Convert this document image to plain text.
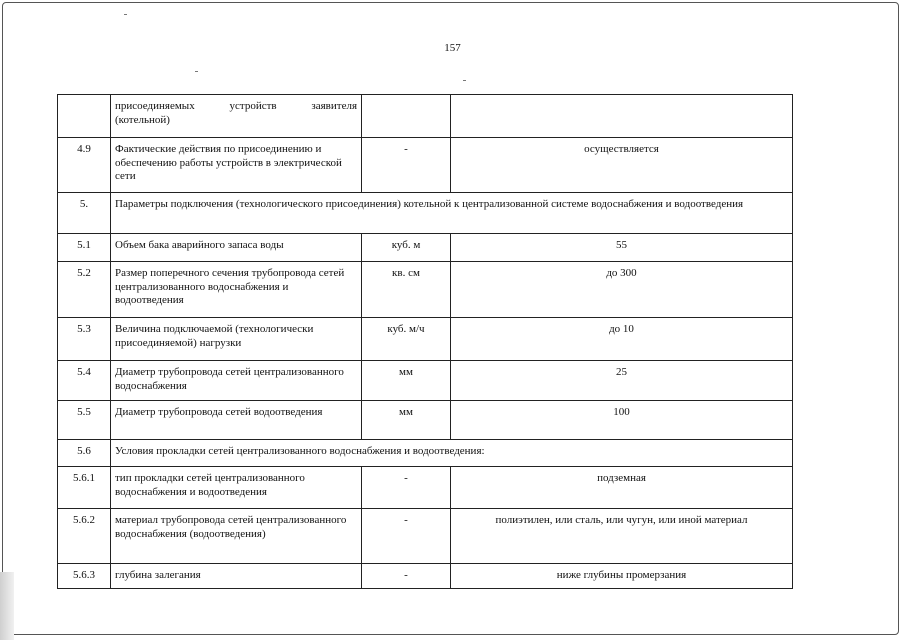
157

	присоединяемых устройств заявителя
(котельной)		
4.9	Фактические действия по присоединению и обеспечению работы устройств в электрической сети	-	осуществляется
5.	Параметры подключения (технологического присоединения) котельной к централизованной системе водоснабжения и водоотведения		
5.1	Объем бака аварийного запаса воды	куб. м	55
5.2	Размер поперечного сечения трубопровода сетей централизованного водоснабжения и водоотведения	кв. см	до 300
5.3	Величина подключаемой (технологически присоединяемой) нагрузки	куб. м/ч	до 10
5.4	Диаметр трубопровода сетей централизованного водоснабжения	мм	25
5.5	Диаметр трубопровода сетей водоотведения	мм	100
5.6	Условия прокладки сетей централизованного водоснабжения и водоотведения:		
5.6.1	тип прокладки сетей централизованного водоснабжения и водоотведения	-	подземная
5.6.2	материал трубопровода сетей централизованного водоснабжения (водоотведения)	-	полиэтилен, или сталь, или чугун, или иной материал
5.6.3	глубина залегания	-	ниже глубины промерзания
